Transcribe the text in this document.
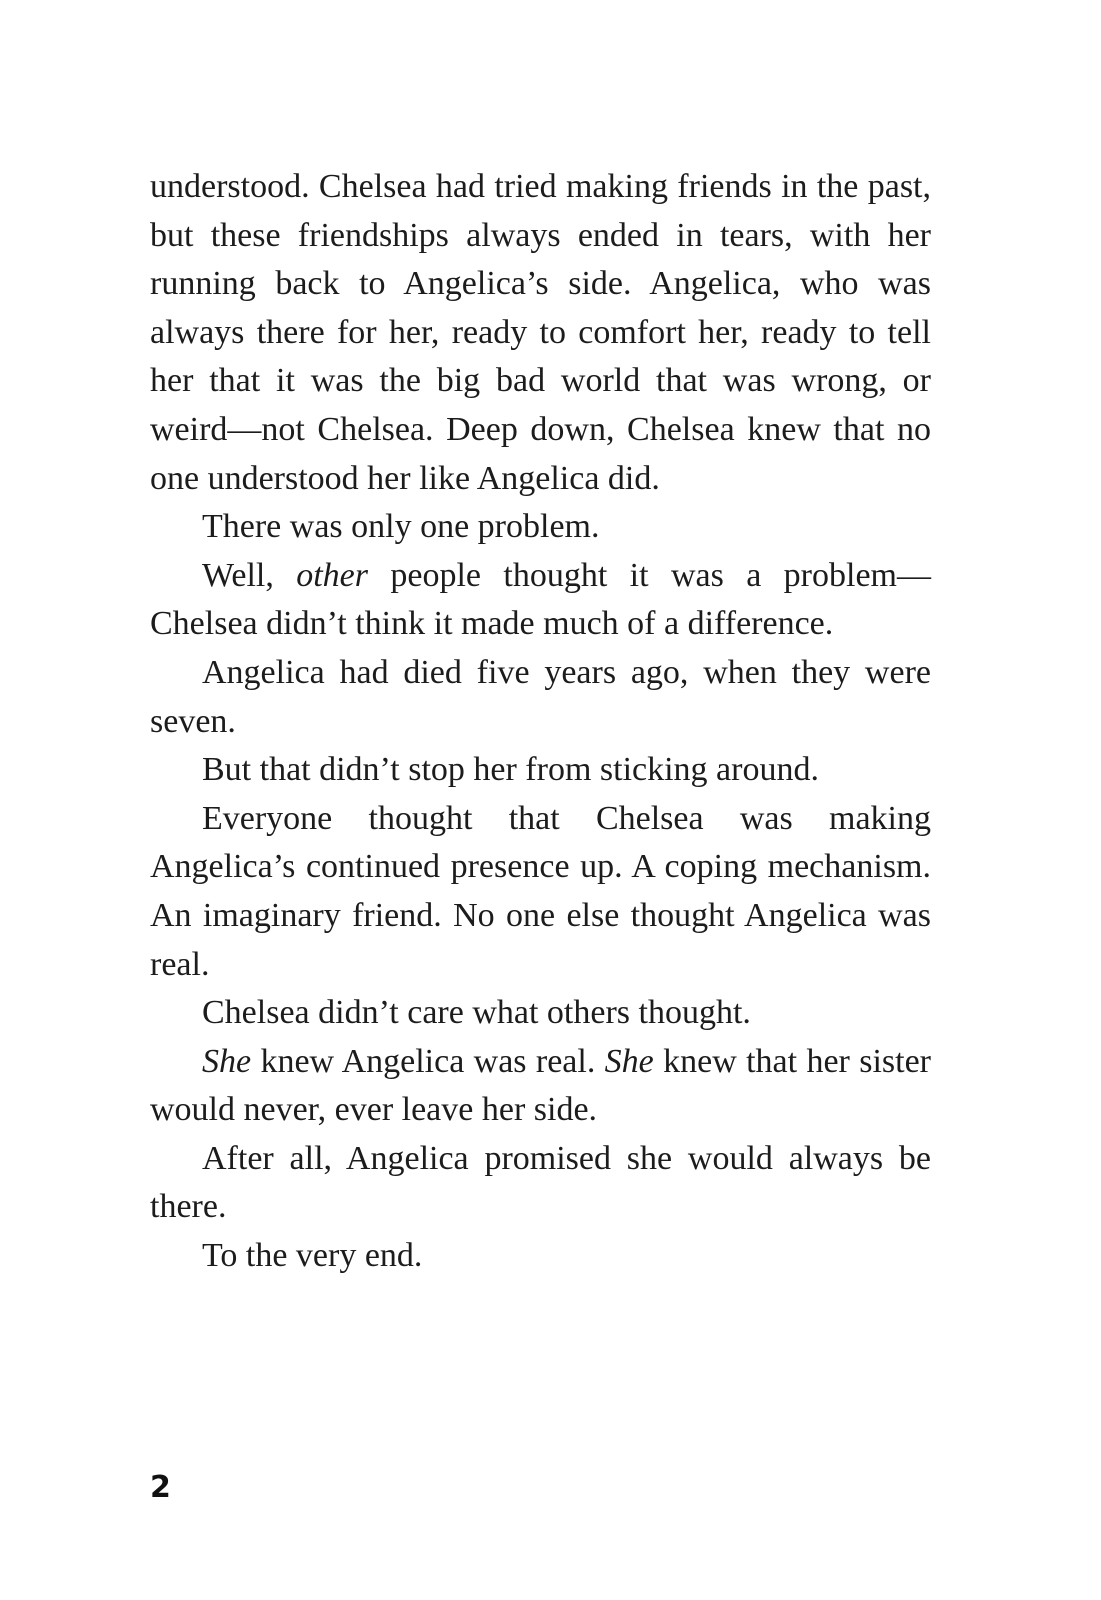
understood. Chelsea had tried making friends in the past, but these friendships always ended in tears, with her running back to Angelica’s side. Angelica, who was always there for her, ready to comfort her, ready to tell her that it was the big bad world that was wrong, or weird—not Chelsea. Deep down, Chelsea knew that no one understood her like Angelica did.

There was only one problem.

Well, other people thought it was a problem— Chelsea didn’t think it made much of a difference.

Angelica had died five years ago, when they were seven.

But that didn’t stop her from sticking around.

Everyone thought that Chelsea was making Angelica’s continued presence up. A coping mechanism. An imaginary friend. No one else thought Angelica was real.

Chelsea didn’t care what others thought.

She knew Angelica was real. She knew that her sister would never, ever leave her side.

After all, Angelica promised she would always be there.

To the very end.

2
